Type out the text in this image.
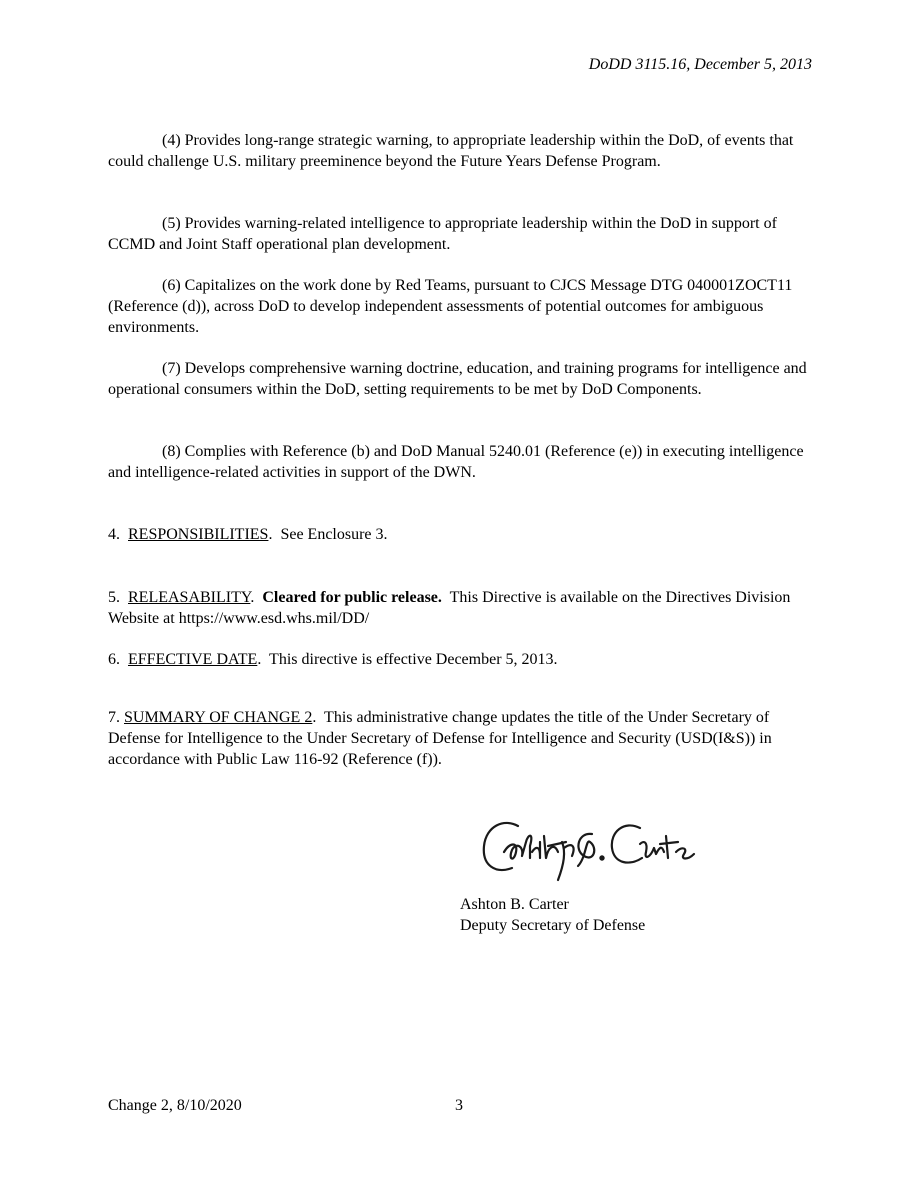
DoDD 3115.16, December 5, 2013

(4) Provides long-range strategic warning, to appropriate leadership within the DoD, of events that could challenge U.S. military preeminence beyond the Future Years Defense Program.

(5) Provides warning-related intelligence to appropriate leadership within the DoD in support of CCMD and Joint Staff operational plan development.

(6) Capitalizes on the work done by Red Teams, pursuant to CJCS Message DTG 040001ZOCT11 (Reference (d)), across DoD to develop independent assessments of potential outcomes for ambiguous environments.

(7) Develops comprehensive warning doctrine, education, and training programs for intelligence and operational consumers within the DoD, setting requirements to be met by DoD Components.

(8) Complies with Reference (b) and DoD Manual 5240.01 (Reference (e)) in executing intelligence and intelligence-related activities in support of the DWN.

4. RESPONSIBILITIES.  See Enclosure 3.

5. RELEASABILITY.  Cleared for public release. This Directive is available on the Directives Division Website at https://www.esd.whs.mil/DD/

6. EFFECTIVE DATE.  This directive is effective December 5, 2013.

7. SUMMARY OF CHANGE 2.  This administrative change updates the title of the Under Secretary of Defense for Intelligence to the Under Secretary of Defense for Intelligence and Security (USD(I&S)) in accordance with Public Law 116-92 (Reference (f)).

Ashton B. Carter
Deputy Secretary of Defense
Change 2, 8/10/2020	3
